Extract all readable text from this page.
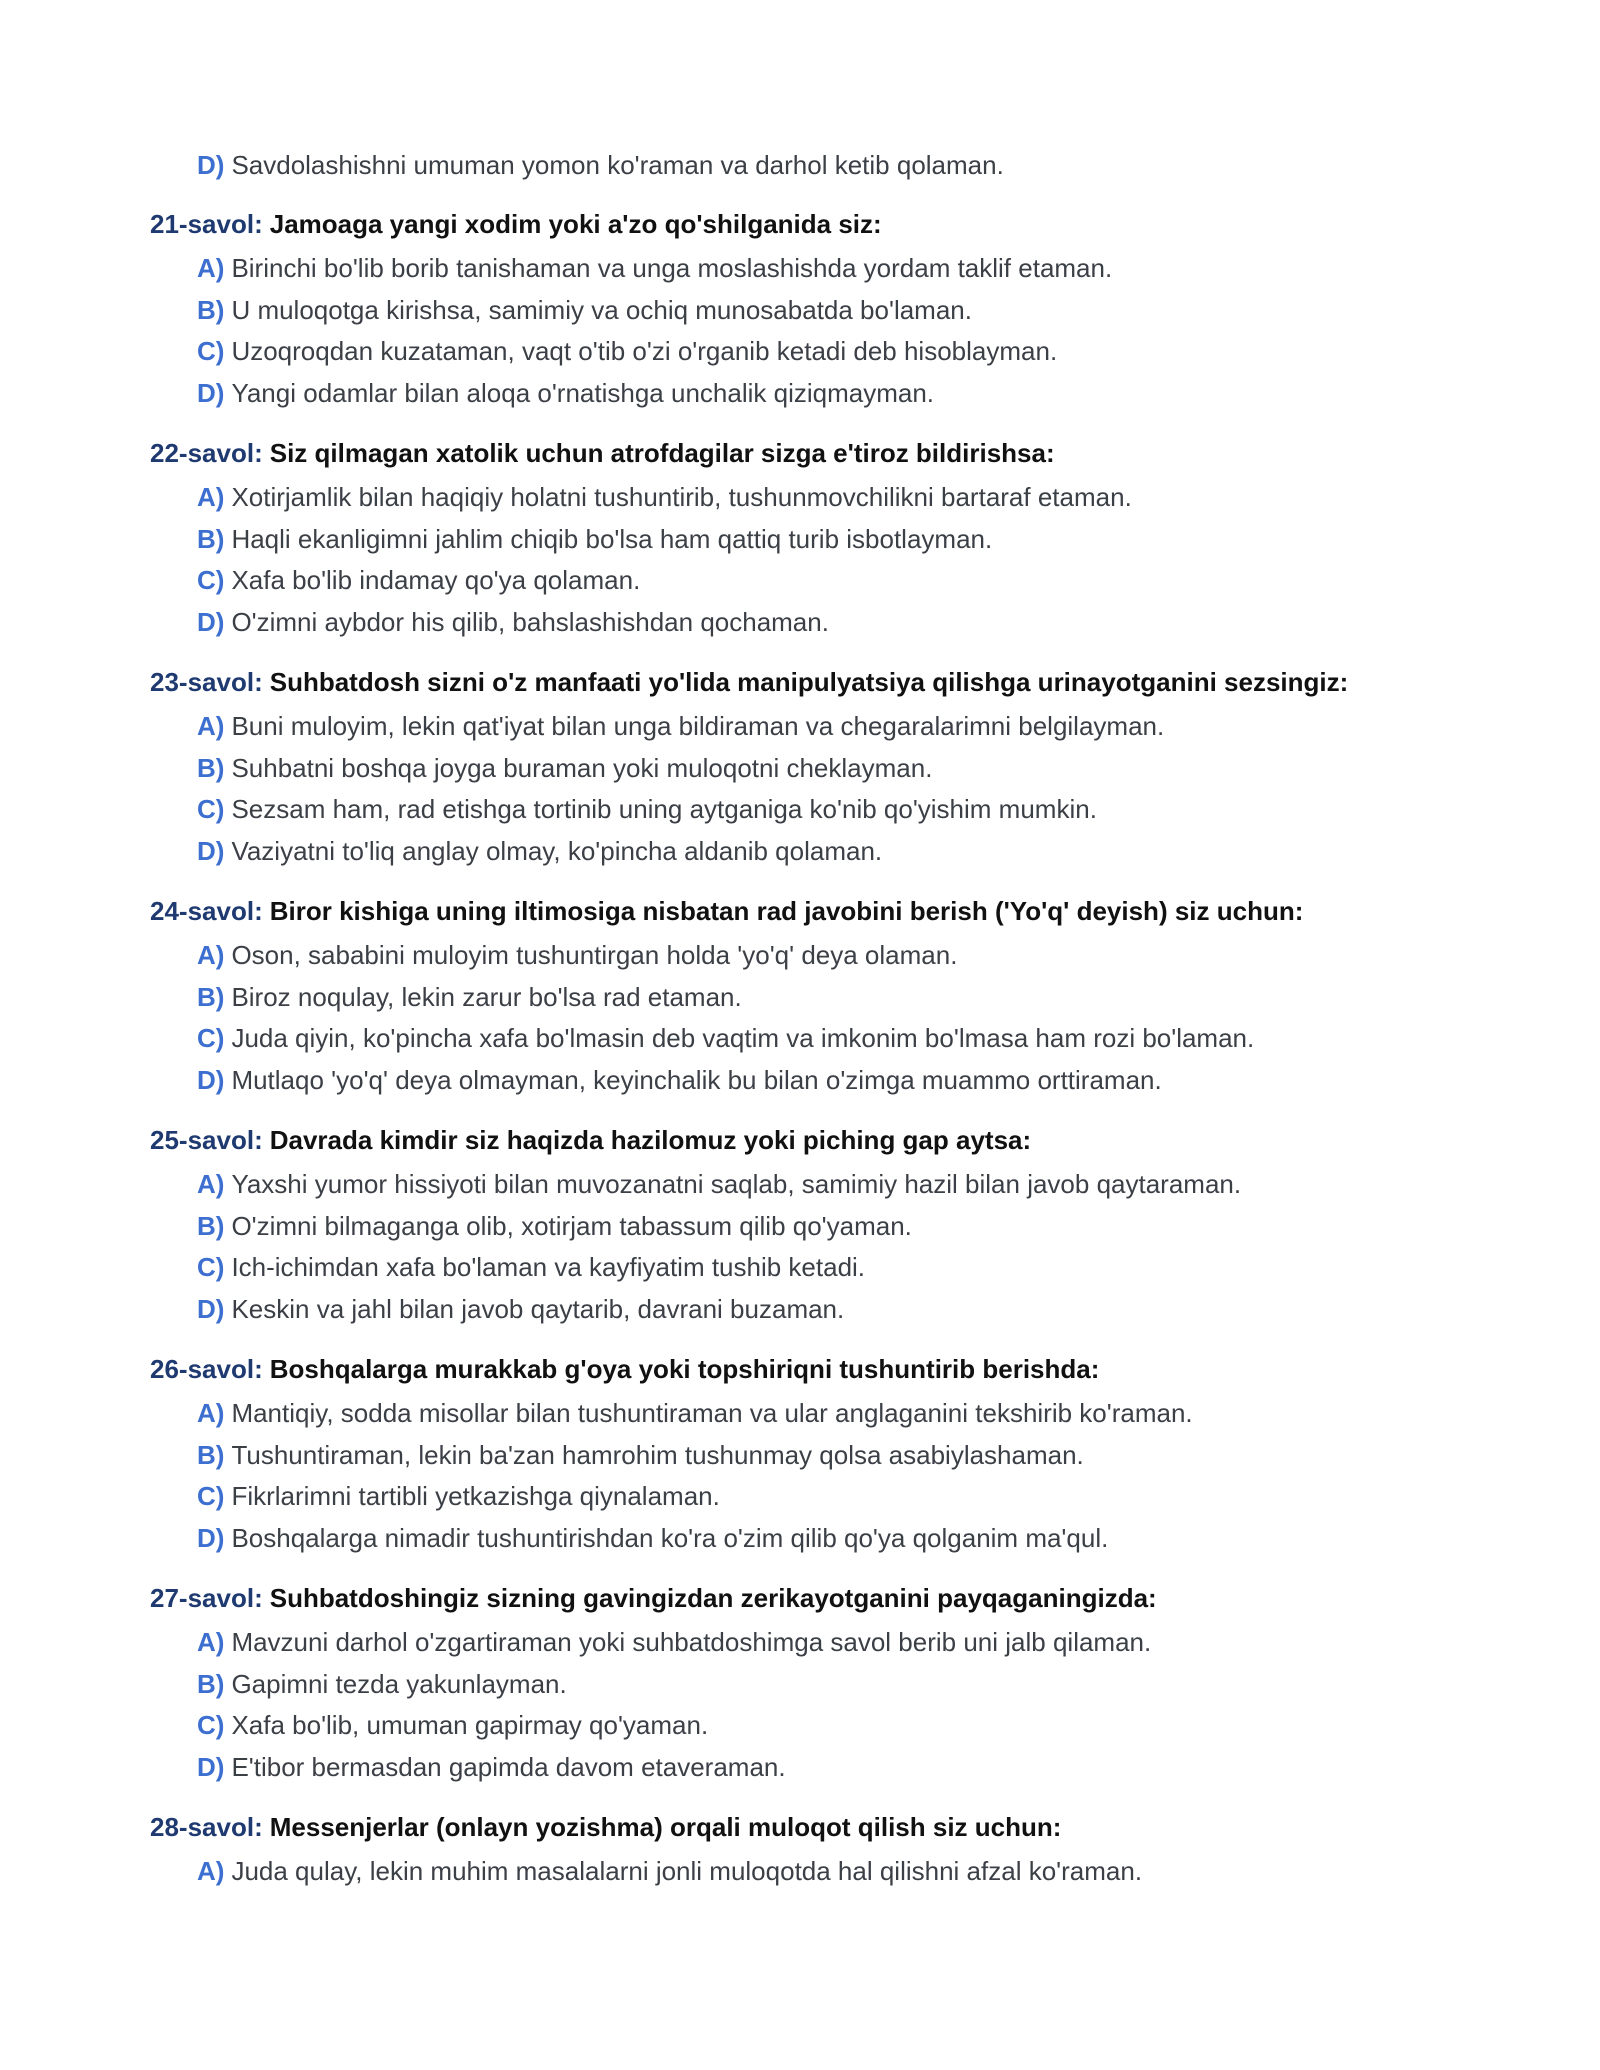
D) Savdolashishni umuman yomon ko'raman va darhol ketib qolaman.
21-savol: Jamoaga yangi xodim yoki a'zo qo'shilganida siz:
A) Birinchi bo'lib borib tanishaman va unga moslashishda yordam taklif etaman.
B) U muloqotga kirishsa, samimiy va ochiq munosabatda bo'laman.
C) Uzoqroqdan kuzataman, vaqt o'tib o'zi o'rganib ketadi deb hisoblayman.
D) Yangi odamlar bilan aloqa o'rnatishga unchalik qiziqmayman.
22-savol: Siz qilmagan xatolik uchun atrofdagilar sizga e'tiroz bildirishsa:
A) Xotirjamlik bilan haqiqiy holatni tushuntirib, tushunmovchilikni bartaraf etaman.
B) Haqli ekanligimni jahlim chiqib bo'lsa ham qattiq turib isbotlayman.
C) Xafa bo'lib indamay qo'ya qolaman.
D) O'zimni aybdor his qilib, bahslashishdan qochaman.
23-savol: Suhbatdosh sizni o'z manfaati yo'lida manipulyatsiya qilishga urinayotganini sezsingiz:
A) Buni muloyim, lekin qat'iyat bilan unga bildiraman va chegaralarimni belgilayman.
B) Suhbatni boshqa joyga buraman yoki muloqotni cheklayman.
C) Sezsam ham, rad etishga tortinib uning aytganiga ko'nib qo'yishim mumkin.
D) Vaziyatni to'liq anglay olmay, ko'pincha aldanib qolaman.
24-savol: Biror kishiga uning iltimosiga nisbatan rad javobini berish ('Yo'q' deyish) siz uchun:
A) Oson, sababini muloyim tushuntirgan holda 'yo'q' deya olaman.
B) Biroz noqulay, lekin zarur bo'lsa rad etaman.
C) Juda qiyin, ko'pincha xafa bo'lmasin deb vaqtim va imkonim bo'lmasa ham rozi bo'laman.
D) Mutlaqo 'yo'q' deya olmayman, keyinchalik bu bilan o'zimga muammo orttiraman.
25-savol: Davrada kimdir siz haqizda hazilomuz yoki piching gap aytsa:
A) Yaxshi yumor hissiyoti bilan muvozanatni saqlab, samimiy hazil bilan javob qaytaraman.
B) O'zimni bilmaganga olib, xotirjam tabassum qilib qo'yaman.
C) Ich-ichimdan xafa bo'laman va kayfiyatim tushib ketadi.
D) Keskin va jahl bilan javob qaytarib, davrani buzaman.
26-savol: Boshqalarga murakkab g'oya yoki topshiriqni tushuntirib berishda:
A) Mantiqiy, sodda misollar bilan tushuntiraman va ular anglaganini tekshirib ko'raman.
B) Tushuntiraman, lekin ba'zan hamrohim tushunmay qolsa asabiylashaman.
C) Fikrlarimni tartibli yetkazishga qiynalaman.
D) Boshqalarga nimadir tushuntirishdan ko'ra o'zim qilib qo'ya qolganim ma'qul.
27-savol: Suhbatdoshingiz sizning gavingizdan zerikayotganini payqaganingizda:
A) Mavzuni darhol o'zgartiraman yoki suhbatdoshimga savol berib uni jalb qilaman.
B) Gapimni tezda yakunlayman.
C) Xafa bo'lib, umuman gapirmay qo'yaman.
D) E'tibor bermasdan gapimda davom etaveraman.
28-savol: Messenjerlar (onlayn yozishma) orqali muloqot qilish siz uchun:
A) Juda qulay, lekin muhim masalalarni jonli muloqotda hal qilishni afzal ko'raman.
